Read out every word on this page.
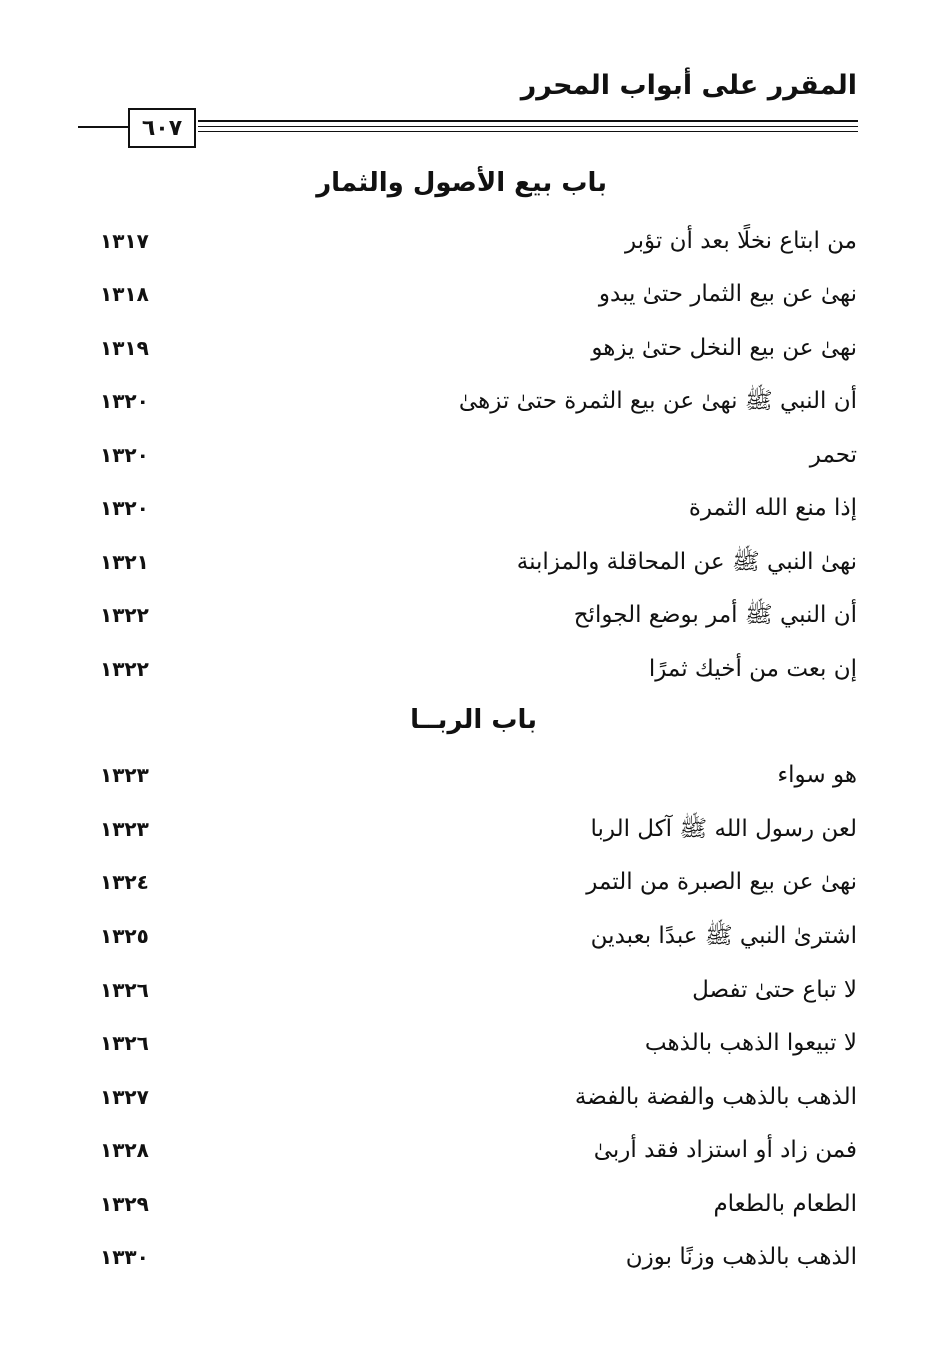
المقرر على أبواب المحرر
٦٠٧
باب بيع الأصول والثمار
من ابتاع نخلًا بعد أن تؤبر
١٣١٧
نهىٰ عن بيع الثمار حتىٰ يبدو
١٣١٨
نهىٰ عن بيع النخل حتىٰ يزهو
١٣١٩
أن النبي ﷺ نهىٰ عن بيع الثمرة حتىٰ تزهىٰ
١٣٢٠
تحمر
١٣٢٠
إذا منع الله الثمرة
١٣٢٠
نهىٰ النبي ﷺ عن المحاقلة والمزابنة
١٣٢١
أن النبي ﷺ أمر بوضع الجوائح
١٣٢٢
إن بعت من أخيك ثمرًا
١٣٢٢
باب الربــا
هو سواء
١٣٢٣
لعن رسول الله ﷺ آكل الربا
١٣٢٣
نهىٰ عن بيع الصبرة من التمر
١٣٢٤
اشترىٰ النبي ﷺ عبدًا بعبدين
١٣٢٥
لا تباع حتىٰ تفصل
١٣٢٦
لا تبيعوا الذهب بالذهب
١٣٢٦
الذهب بالذهب والفضة بالفضة
١٣٢٧
فمن زاد أو استزاد فقد أربىٰ
١٣٢٨
الطعام بالطعام
١٣٢٩
الذهب بالذهب وزنًا بوزن
١٣٣٠
